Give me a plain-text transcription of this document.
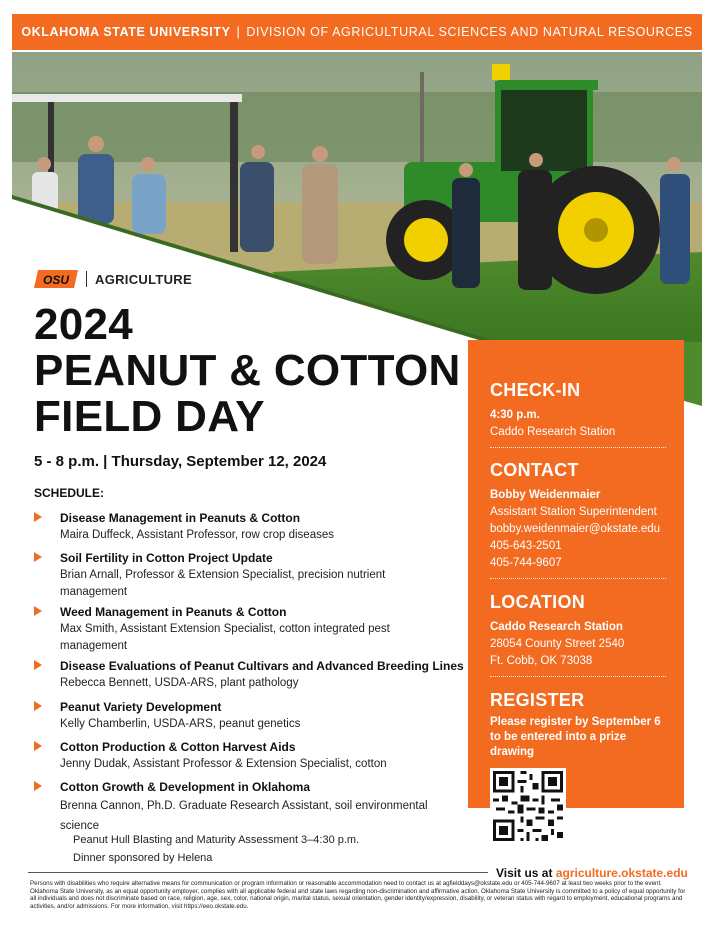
OKLAHOMA STATE UNIVERSITY | DIVISION OF AGRICULTURAL SCIENCES AND NATURAL RESOURCES
OSU AGRICULTURE
2024
PEANUT & COTTON
FIELD DAY
5 - 8 p.m. | Thursday, September 12, 2024
SCHEDULE:
Disease Management in Peanuts & Cotton
Maira Duffeck, Assistant Professor, row crop diseases
Soil Fertility in Cotton Project Update
Brian Arnall, Professor & Extension Specialist, precision nutrient management
Weed Management in Peanuts & Cotton
Max Smith, Assistant Extension Specialist, cotton integrated pest management
Disease Evaluations of Peanut Cultivars and Advanced Breeding Lines
Rebecca Bennett, USDA-ARS, plant pathology
Peanut Variety Development
Kelly Chamberlin, USDA-ARS, peanut genetics
Cotton Production & Cotton Harvest Aids
Jenny Dudak, Assistant Professor & Extension Specialist, cotton
Cotton Growth & Development in Oklahoma
Brenna Cannon, Ph.D. Graduate Research Assistant, soil environmental science
Peanut Hull Blasting and Maturity Assessment 3–4:30 p.m.
Dinner sponsored by Helena
CHECK-IN
4:30 p.m.
Caddo Research Station
CONTACT
Bobby Weidenmaier
Assistant Station Superintendent
bobby.weidenmaier@okstate.edu
405-643-2501
405-744-9607
LOCATION
Caddo Research Station
28054 County Street 2540
Ft. Cobb, OK 73038
REGISTER
Please register by September 6
to be entered into a prize
drawing
Visit us at agriculture.okstate.edu
Persons with disabilities who require alternative means for communication or program information or reasonable accommodation need to contact us at agfielddays@okstate.edu or 405-744-9607 at least two weeks prior to the event.
Oklahoma State University, as an equal opportunity employer, complies with all applicable federal and state laws regarding non-discrimination and affirmative action. Oklahoma State University is committed to a policy of equal opportunity for all individuals and does not discriminate based on race, religion, age, sex, color, national origin, marital status, sexual orientation, gender identity/expression, disability, or veteran status with regard to employment, educational programs and activities, and/or admissions. For more information, visit https://eeo.okstate.edu.
